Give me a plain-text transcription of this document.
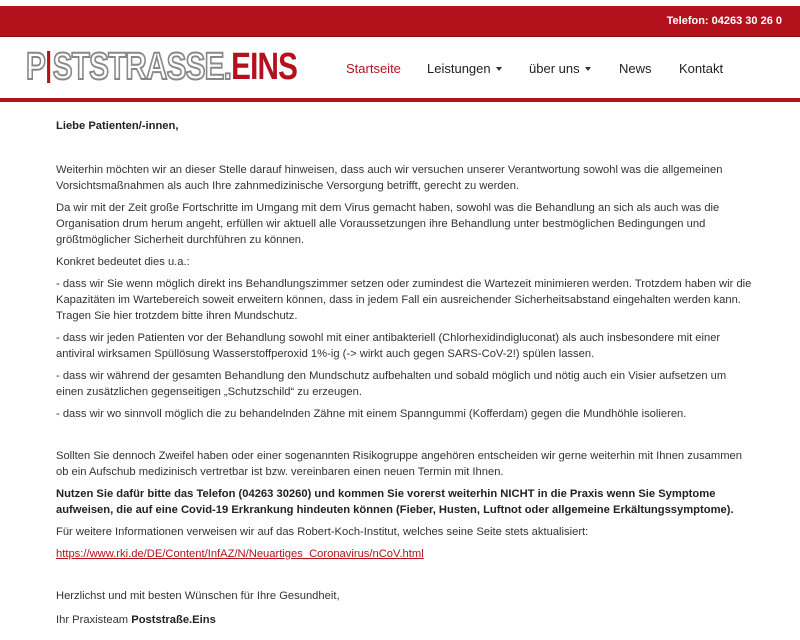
Telefon: 04263 30 26 0
P STSTRASSE.EINS	Startseite Leistungen	über uns	News Kontakt

Liebe Patienten/-innen,

Weiterhin möchten wir an dieser Stelle darauf hinweisen, dass auch wir versuchen unserer Verantwortung sowohl was die allgemeinen Vorsichtsmaßnahmen als auch Ihre zahnmedizinische Versorgung betrifft, gerecht zu werden.

Da wir mit der Zeit große Fortschritte im Umgang mit dem Virus gemacht haben, sowohl was die Behandlung an sich als auch was die Organisation drum herum angeht, erfüllen wir aktuell alle Voraussetzungen ihre Behandlung unter bestmöglichen Bedingungen und größtmöglicher Sicherheit durchführen zu können.

Konkret bedeutet dies u.a.:

- dass wir Sie wenn möglich direkt ins Behandlungszimmer setzen oder zumindest die Wartezeit minimieren werden. Trotzdem haben wir die Kapazitäten im Wartebereich soweit erweitern können, dass in jedem Fall ein ausreichender Sicherheitsabstand eingehalten werden kann. Tragen Sie hier trotzdem bitte ihren Mundschutz.

- dass wir jeden Patienten vor der Behandlung sowohl mit einer antibakteriell (Chlorhexidindigluconat) als auch insbesondere mit einer antiviral wirksamen Spüllösung Wasserstoffperoxid 1%-ig (-> wirkt auch gegen SARS-CoV-2!) spülen lassen.

- dass wir während der gesamten Behandlung den Mundschutz aufbehalten und sobald möglich und nötig auch ein Visier aufsetzen um einen zusätzlichen gegenseitigen „Schutzschild“ zu erzeugen.

- dass wir wo sinnvoll möglich die zu behandelnden Zähne mit einem Spanngummi (Kofferdam) gegen die Mundhöhle isolieren.

Sollten Sie dennoch Zweifel haben oder einer sogenannten Risikogruppe angehören entscheiden wir gerne weiterhin mit Ihnen zusammen ob ein Aufschub medizinisch vertretbar ist bzw. vereinbaren einen neuen Termin mit Ihnen.

Nutzen Sie dafür bitte das Telefon (04263 30260) und kommen Sie vorerst weiterhin NICHT in die Praxis wenn Sie Symptome aufweisen, die auf eine Covid-19 Erkrankung hindeuten können (Fieber, Husten, Luftnot oder allgemeine Erkältungssymptome).

Für weitere Informationen verweisen wir auf das Robert-Koch-Institut, welches seine Seite stets aktualisiert:

https://www.rki.de/DE/Content/InfAZ/N/Neuartiges_Coronavirus/nCoV.html

Herzlichst und mit besten Wünschen für Ihre Gesundheit,

Ihr Praxisteam Poststraße.Eins
